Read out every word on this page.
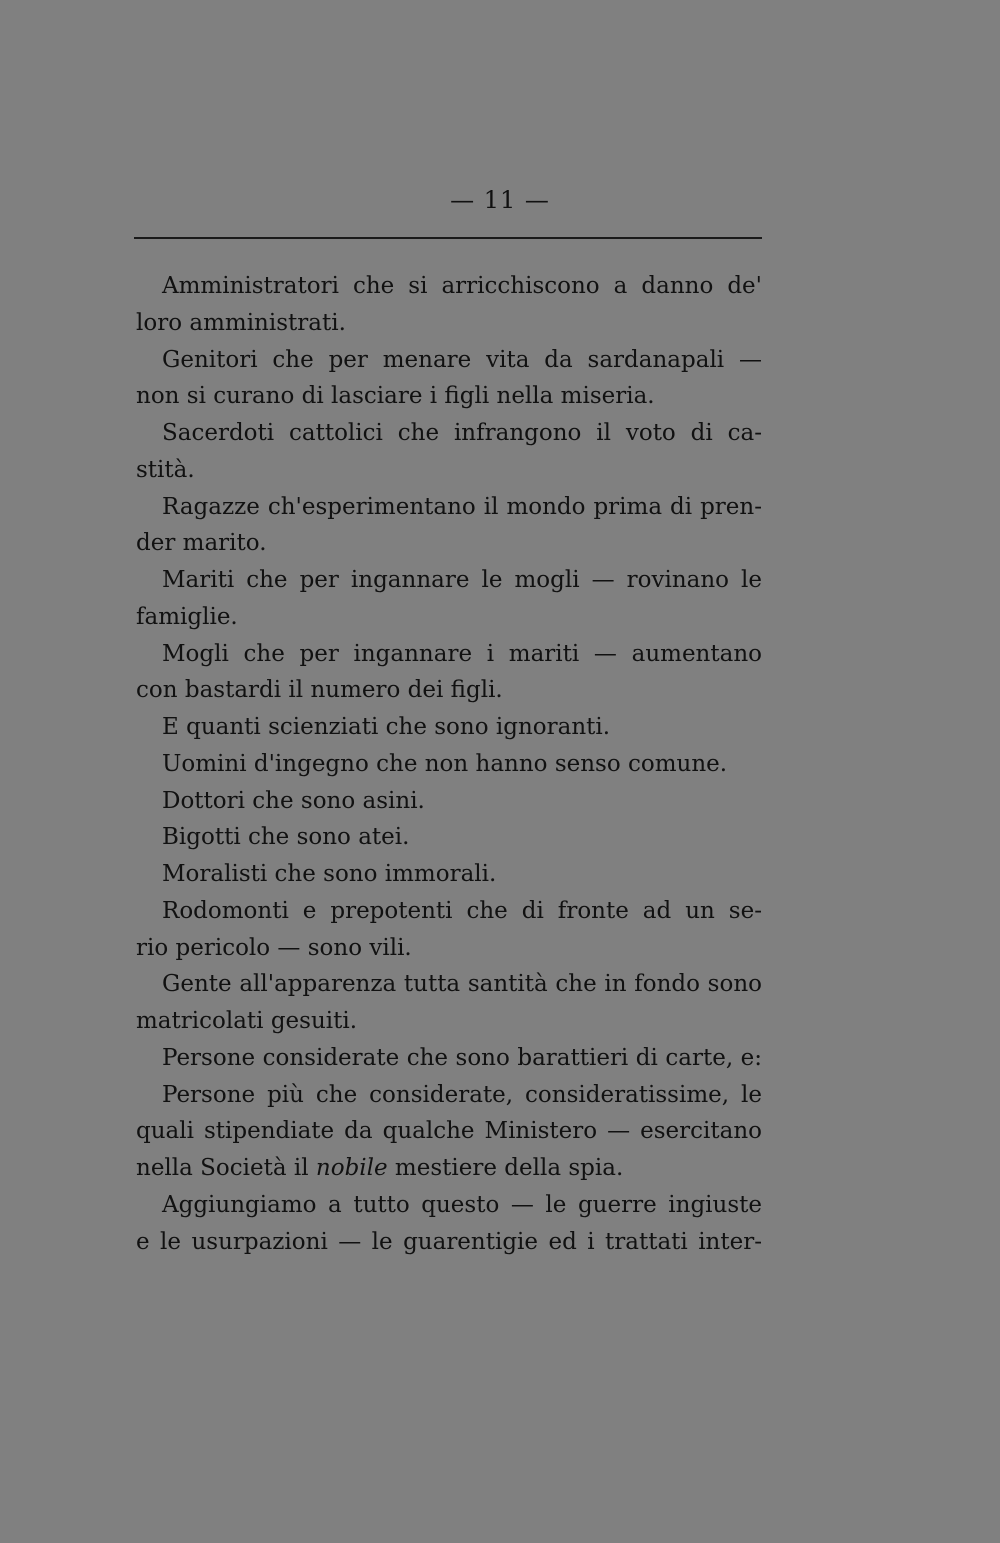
— 11 —
Amministratori che si arricchiscono a danno de'
loro amministrati.
Genitori che per menare vita da sardanapali —
non si curano di lasciare i figli nella miseria.
Sacerdoti cattolici che infrangono il voto di ca-
stità.
Ragazze ch'esperimentano il mondo prima di pren-
der marito.
Mariti che per ingannare le mogli — rovinano le
famiglie.
Mogli che per ingannare i mariti — aumentano
con bastardi il numero dei figli.
E quanti scienziati che sono ignoranti.
Uomini d'ingegno che non hanno senso comune.
Dottori che sono asini.
Bigotti che sono atei.
Moralisti che sono immorali.
Rodomonti e prepotenti che di fronte ad un se-
rio pericolo — sono vili.
Gente all'apparenza tutta santità che in fondo sono
matricolati gesuiti.
Persone considerate che sono barattieri di carte, e:
Persone più che considerate, consideratissime, le
quali stipendiate da qualche Ministero — esercitano
nella Società il nobile mestiere della spia.
Aggiungiamo a tutto questo — le guerre ingiuste
e le usurpazioni — le guarentigie ed i trattati inter-
